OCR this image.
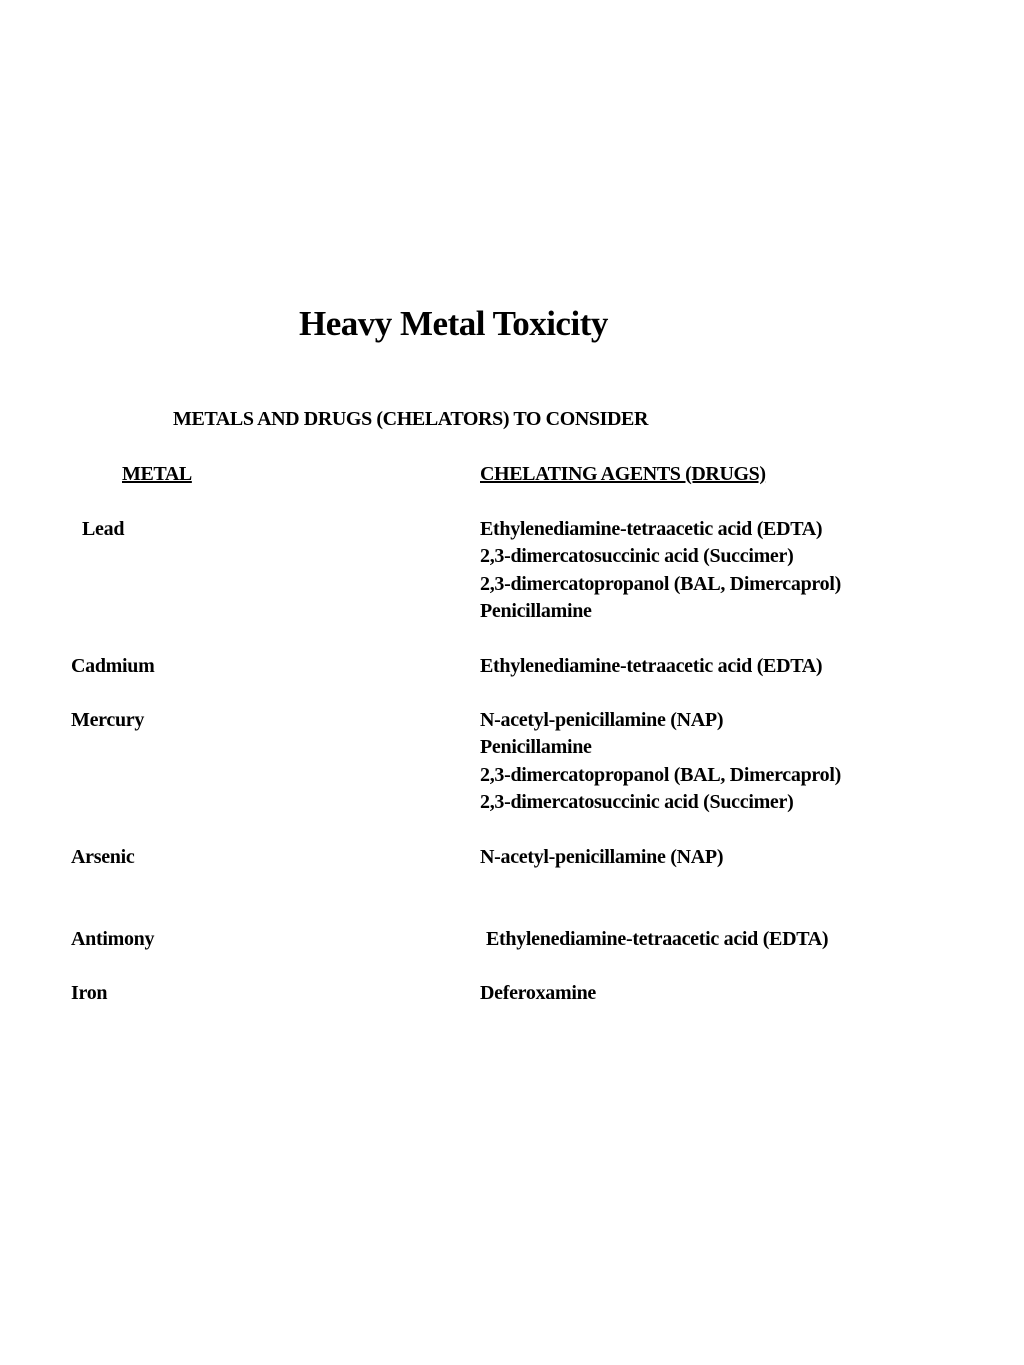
Heavy Metal Toxicity
METALS AND DRUGS (CHELATORS) TO CONSIDER
METAL	CHELATING AGENTS (DRUGS)
Lead	Ethylenediamine-tetraacetic acid (EDTA)
2,3-dimercatosuccinic acid (Succimer)
2,3-dimercatopropanol (BAL, Dimercaprol)
Penicillamine
Cadmium	Ethylenediamine-tetraacetic acid (EDTA)
Mercury	N-acetyl-penicillamine (NAP)
Penicillamine
2,3-dimercatopropanol (BAL, Dimercaprol)
2,3-dimercatosuccinic acid (Succimer)
Arsenic	N-acetyl-penicillamine (NAP)
Antimony	Ethylenediamine-tetraacetic acid (EDTA)
Iron	Deferoxamine
